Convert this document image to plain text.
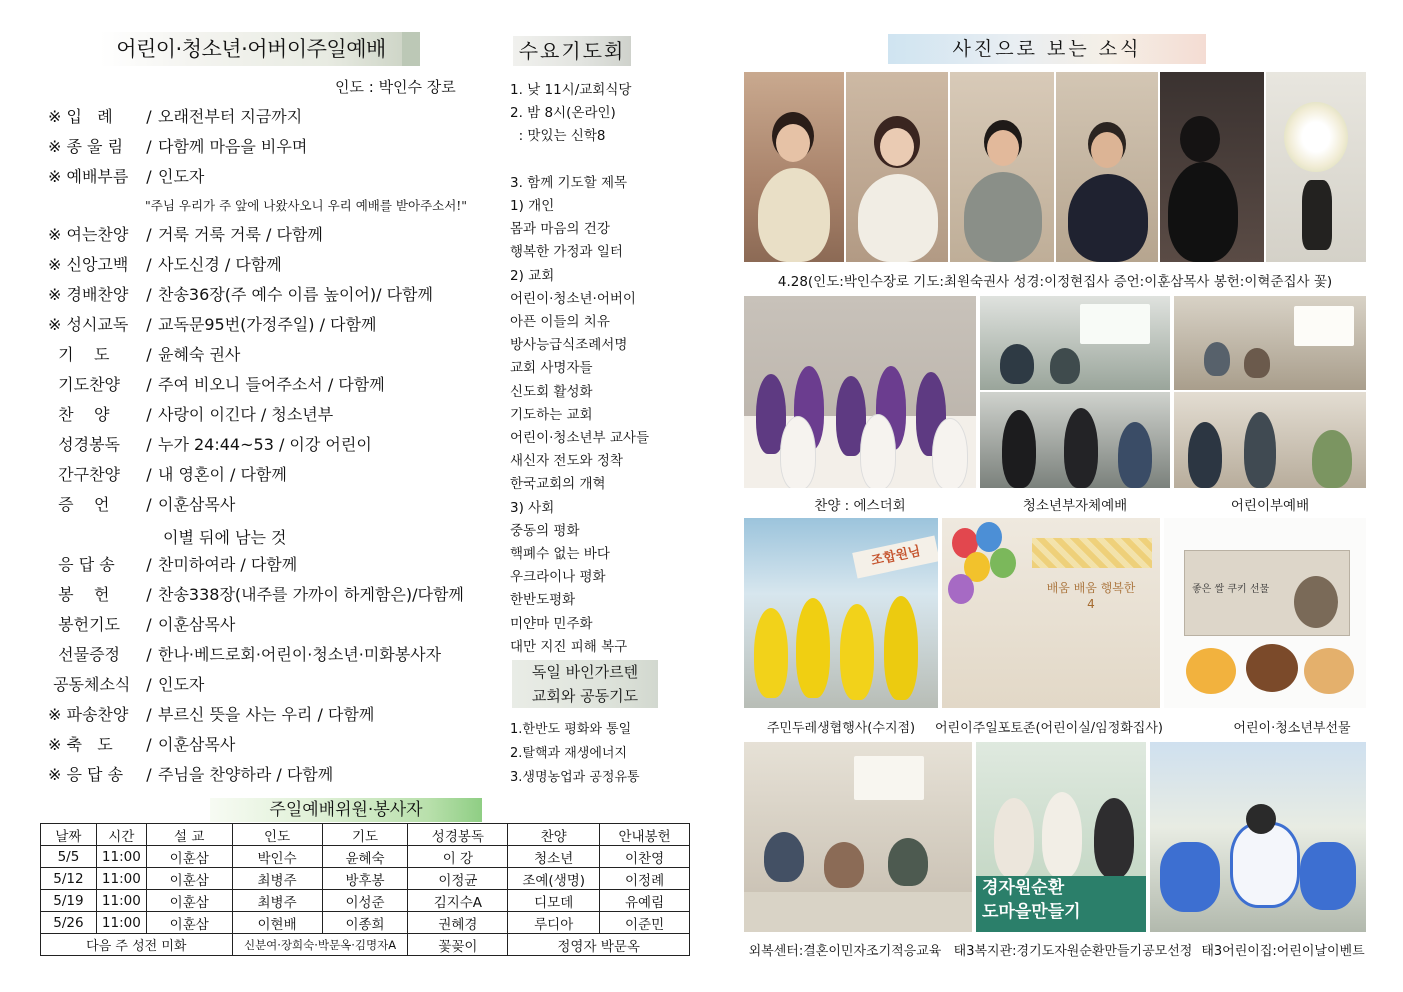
어린이·청소년·어버이주일예배
인도 : 박인수 장로
※ 입   례 / 오래전부터 지금까지
※ 종 울 림 / 다함께 마음을 비우며
※ 예배부름 / 인도자
※ 여는찬양 / 거룩 거룩 거룩 / 다함께
※ 신앙고백 / 사도신경 / 다함께
※ 경배찬양 / 찬송36장(주 예수 이름 높이어)/ 다함께
※ 성시교독 / 교독문95번(가정주일) / 다함께
기    도 / 윤혜숙 권사
기도찬양 / 주여 비오니 들어주소서 / 다함께
찬    양 / 사랑이 이긴다 / 청소년부
성경봉독 / 누가 24:44~53 / 이강 어린이
간구찬양 / 내 영혼이 / 다함께
증    언 / 이훈삼목사
응 답 송 / 찬미하여라 / 다함께
봉    헌 / 찬송338장(내주를 가까이 하게함은)/다함께
봉헌기도 / 이훈삼목사
선물증정 / 한나·베드로회·어린이·청소년·미화봉사자
공동체소식 / 인도자
※ 파송찬양 / 부르신 뜻을 사는 우리 / 다함께
※ 축   도 / 이훈삼목사
※ 응 답 송 / 주님을 찬양하라 / 다함께
"주님 우리가 주 앞에 나왔사오니 우리 예배를 받아주소서!"
이별 뒤에 남는 것
수요기도회
1. 낮 11시/교회식당
2. 밤 8시(온라인)
: 맛있는 신학8
3. 함께 기도할 제목
1) 개인
몸과 마음의 건강
행복한 가정과 일터
2) 교회
어린이·청소년·어버이
아픈 이들의 치유
방사능급식조례서명
교회 사명자들
신도회 활성화
기도하는 교회
어린이·청소년부 교사들
새신자 전도와 정착
한국교회의 개혁
3) 사회
중동의 평화
핵폐수 없는 바다
우크라이나 평화
한반도평화
미얀마 민주화
대만 지진 피해 복구
독일 바인가르텐
교회와 공동기도
1.한반도 평화와 통일
2.탈핵과 재생에너지
3.생명농업과 공정유통
주일예배위원·봉사자
날짜	시간	설 교	인도	기도	성경봉독	찬양	안내봉헌
5/5	11:00	이훈삼	박인수	윤혜숙	이 강	청소년	이찬영
5/12	11:00	이훈삼	최병주	방후봉	이정균	조예(생명)	이정례
5/19	11:00	이훈삼	최병주	이성준	김지수A	디모데	유예림
5/26	11:00	이훈삼	이현배	이종희	권혜경	루디아	이준민
다음 주 성전 미화			신분여·장희숙·박문옥·김명자A		꽃꽂이	정영자 박문옥	
사진으로 보는 소식
4.28(인도:박인수장로 기도:최원숙권사 성경:이정현집사 증언:이훈삼목사 봉헌:이혁준집사 꽃)
찬양 : 에스더회	청소년부자체예배	어린이부예배
조합원님
배움 배움 행복한 4
좋은 쌀 쿠키 선물
주민두레생협행사(수지점)	어린이주일포토존(어린이실/임정화집사)	어린이·청소년부선물
경자원순환
도마을만들기
외복센터:결혼이민자조기적응교육 태3복지관:경기도자원순환만들기공모선정 태3어린이집:어린이날이벤트
